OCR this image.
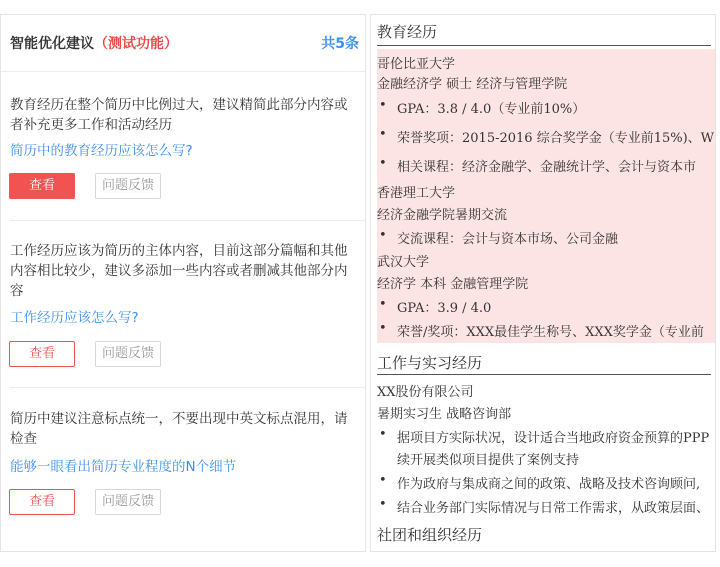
智能优化建议（测试功能）	共5条
教育经历在整个简历中比例过大，建议精简此部分内容或者补充更多工作和活动经历
简历中的教育经历应该怎么写?
查看	问题反馈
工作经历应该为简历的主体内容，目前这部分篇幅和其他内容相比较少，建议多添加一些内容或者删减其他部分内容
工作经历应该怎么写?
查看	问题反馈
简历中建议注意标点统一，不要出现中英文标点混用，请检查
能够一眼看出简历专业程度的N个细节
查看	问题反馈
教育经历
哥伦比亚大学
金融经济学 硕士 经济与管理学院
• GPA：3.8 / 4.0（专业前10%）
• 荣誉奖项：2015-2016 综合奖学金（专业前15%)、W
• 相关课程：经济金融学、金融统计学、会计与资本市
香港理工大学
经济金融学院暑期交流
• 交流课程：会计与资本市场、公司金融
武汉大学
经济学 本科 金融管理学院
• GPA：3.9 / 4.0
• 荣誉/奖项：XXX最佳学生称号、XXX奖学金（专业前
工作与实习经历
XX股份有限公司
暑期实习生 战略咨询部
• 据项目方实际状况，设计适合当地政府资金预算的PPP
续开展类似项目提供了案例支持
• 作为政府与集成商之间的政策、战略及技术咨询顾问,
• 结合业务部门实际情况与日常工作需求，从政策层面、
社团和组织经历
